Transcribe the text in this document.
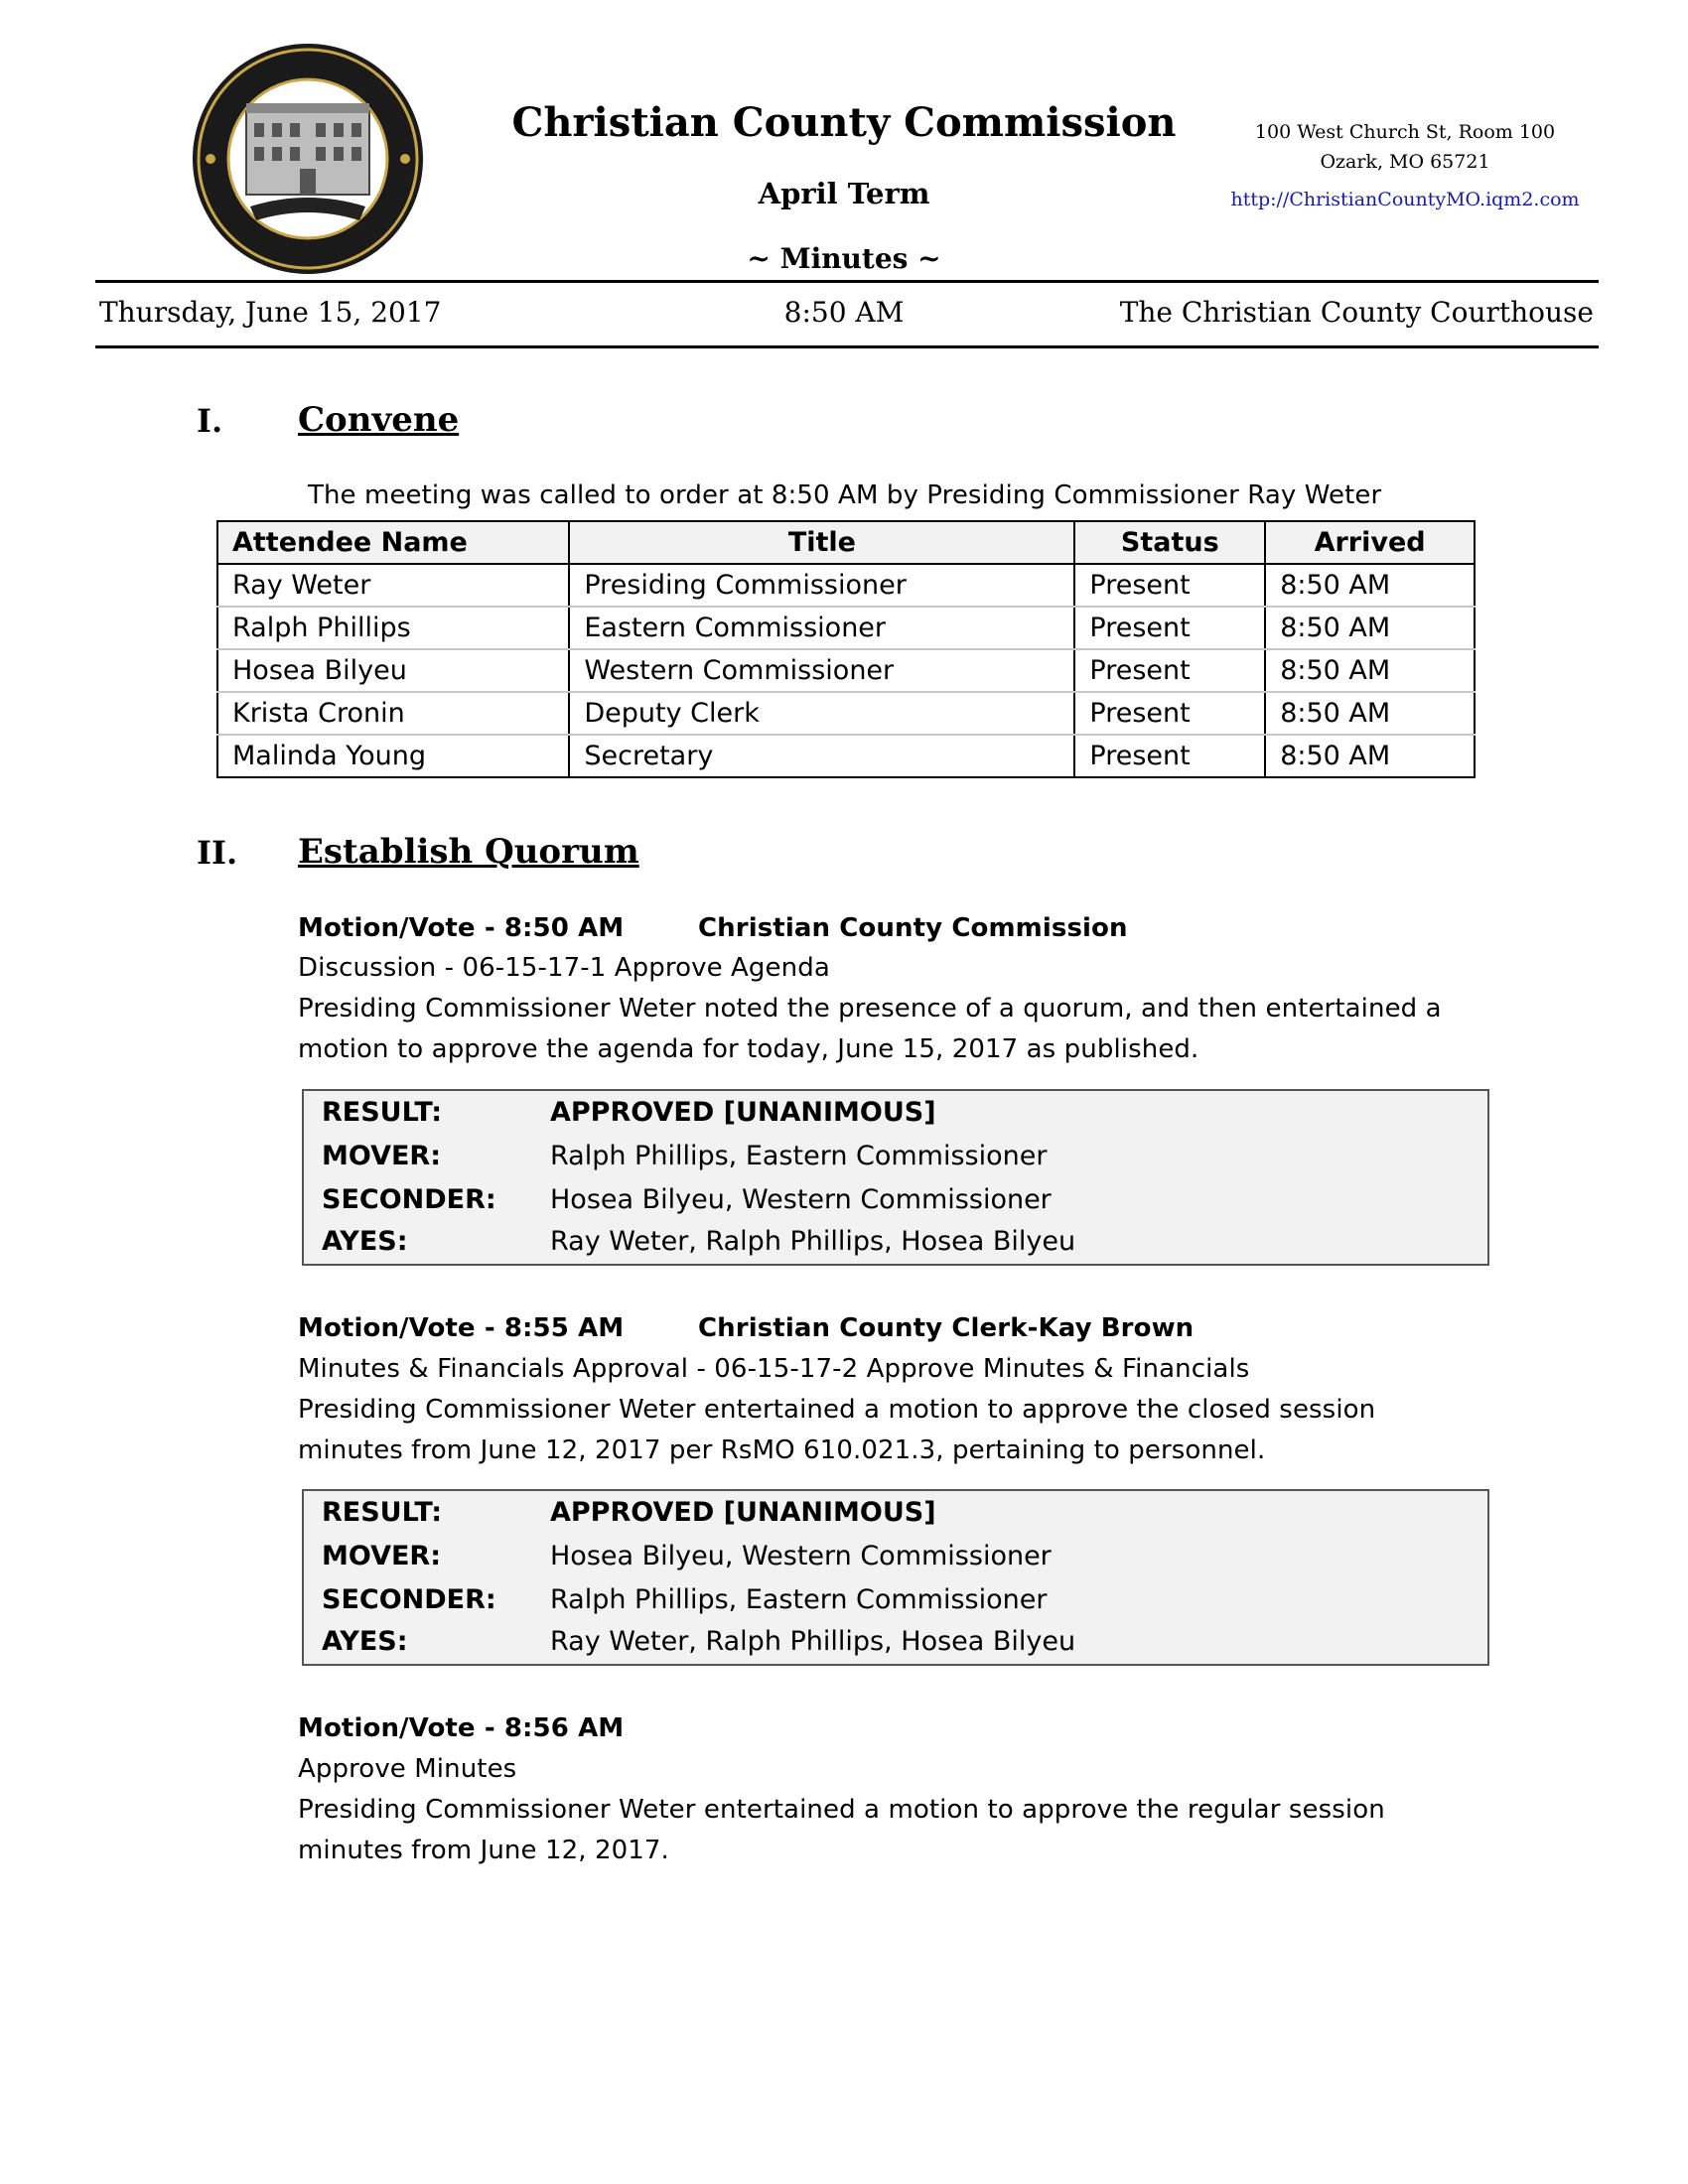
Christian County Commission
April Term
~ Minutes ~
100 West Church St, Room 100
Ozark, MO 65721
http://ChristianCountyMO.iqm2.com
Thursday, June 15, 2017	8:50 AM	The Christian County Courthouse
I. Convene
The meeting was called to order at 8:50 AM by Presiding Commissioner Ray Weter
Attendee Name	Title	Status	Arrived
Ray Weter	Presiding Commissioner	Present	8:50 AM
Ralph Phillips	Eastern Commissioner	Present	8:50 AM
Hosea Bilyeu	Western Commissioner	Present	8:50 AM
Krista Cronin	Deputy Clerk	Present	8:50 AM
Malinda Young	Secretary	Present	8:50 AM
II. Establish Quorum
Motion/Vote - 8:50 AM	Christian County Commission
Discussion - 06-15-17-1 Approve Agenda
Presiding Commissioner Weter noted the presence of a quorum, and then entertained a
motion to approve the agenda for today, June 15, 2017 as published.
RESULT:	APPROVED [UNANIMOUS]
MOVER:	Ralph Phillips, Eastern Commissioner
SECONDER: Hosea Bilyeu, Western Commissioner
AYES:	Ray Weter, Ralph Phillips, Hosea Bilyeu
Motion/Vote - 8:55 AM	Christian County Clerk-Kay Brown
Minutes & Financials Approval - 06-15-17-2 Approve Minutes & Financials
Presiding Commissioner Weter entertained a motion to approve the closed session
minutes from June 12, 2017 per RsMO 610.021.3, pertaining to personnel.
RESULT:	APPROVED [UNANIMOUS]
MOVER:	Hosea Bilyeu, Western Commissioner
SECONDER: Ralph Phillips, Eastern Commissioner
AYES:	Ray Weter, Ralph Phillips, Hosea Bilyeu
Motion/Vote - 8:56 AM
Approve Minutes
Presiding Commissioner Weter entertained a motion to approve the regular session
minutes from June 12, 2017.
